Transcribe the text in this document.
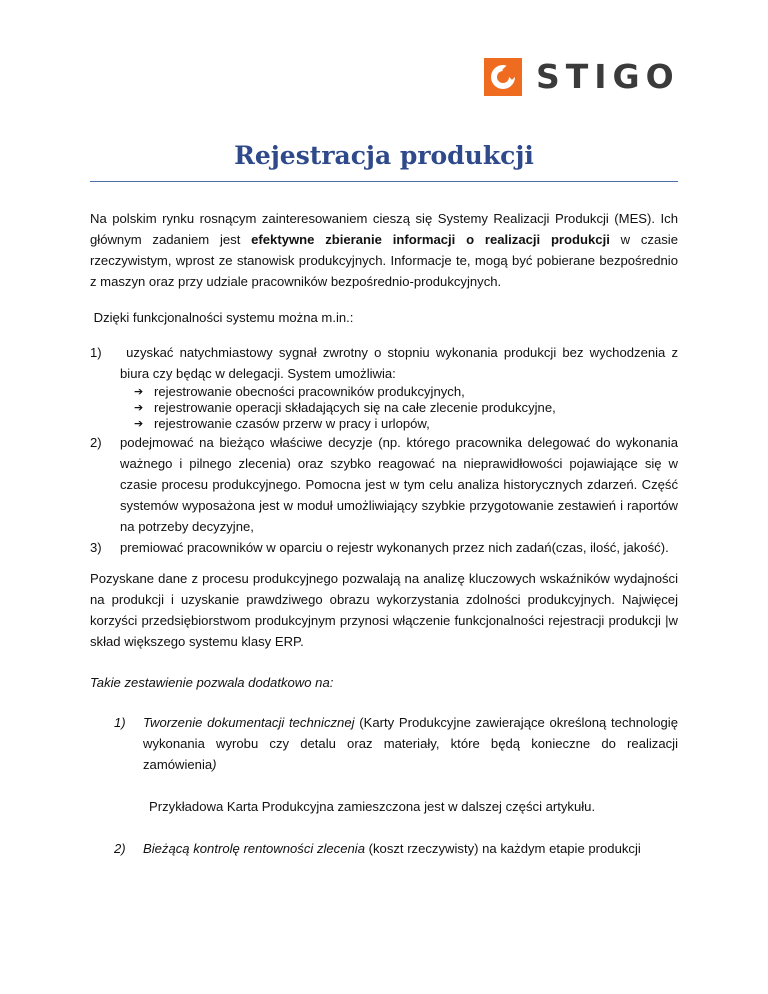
STIGO
Rejestracja produkcji

Na polskim rynku rosnącym zainteresowaniem cieszą się Systemy Realizacji Produkcji (MES). Ich głównym zadaniem jest efektywne zbieranie informacji o realizacji produkcji w czasie rzeczywistym, wprost ze stanowisk produkcyjnych. Informacje te, mogą być pobierane bezpośrednio z maszyn oraz przy udziale pracowników bezpośrednio-produkcyjnych.

Dzięki funkcjonalności systemu można m.in.:

1) uzyskać natychmiastowy sygnał zwrotny o stopniu wykonania produkcji bez wychodzenia z biura czy będąc w delegacji. System umożliwia:
➔ rejestrowanie obecności pracowników produkcyjnych,
➔ rejestrowanie operacji składających się na całe zlecenie produkcyjne,
➔ rejestrowanie czasów przerw w pracy i urlopów,
2) podejmować na bieżąco właściwe decyzje (np. którego pracownika delegować do wykonania ważnego i pilnego zlecenia) oraz szybko reagować na nieprawidłowości pojawiające się w czasie procesu produkcyjnego. Pomocna jest w tym celu analiza historycznych zdarzeń. Część systemów wyposażona jest w moduł umożliwiający szybkie przygotowanie zestawień i raportów na potrzeby decyzyjne,
3) premiować pracowników w oparciu o rejestr wykonanych przez nich zadań(czas, ilość, jakość).

Pozyskane dane z procesu produkcyjnego pozwalają na analizę kluczowych wskaźników wydajności na produkcji i uzyskanie prawdziwego obrazu wykorzystania zdolności produkcyjnych. Najwięcej korzyści przedsiębiorstwom produkcyjnym przynosi włączenie funkcjonalności rejestracji produkcji |w skład większego systemu klasy ERP.

Takie zestawienie pozwala dodatkowo na:

1) Tworzenie dokumentacji technicznej (Karty Produkcyjne zawierające określoną technologię wykonania wyrobu czy detalu oraz materiały, które będą konieczne do realizacji zamówienia)
Przykładowa Karta Produkcyjna zamieszczona jest w dalszej części artykułu.
2) Bieżącą kontrolę rentowności zlecenia (koszt rzeczywisty) na każdym etapie produkcji
